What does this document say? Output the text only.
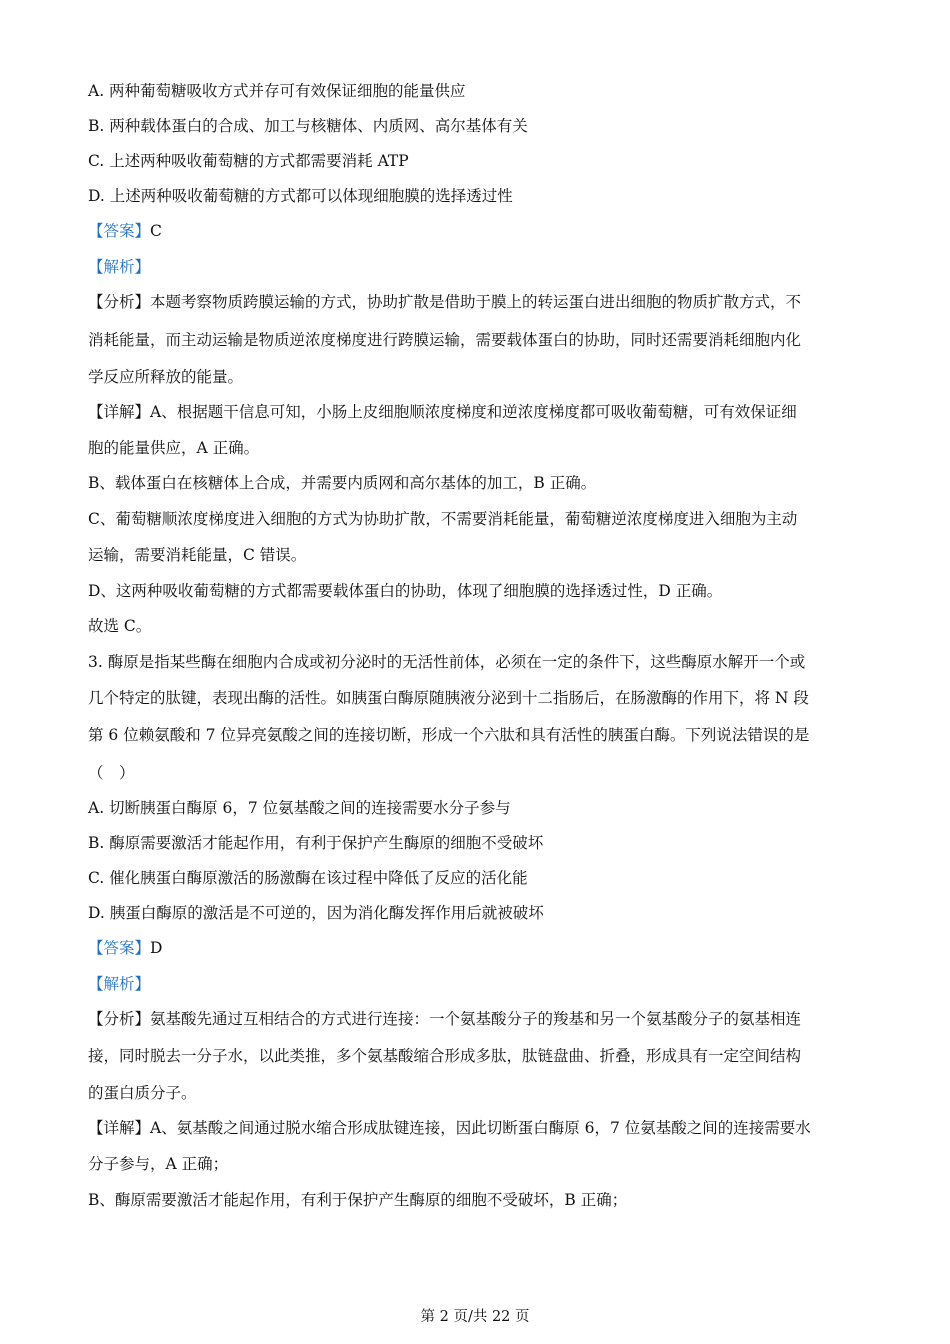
A. 两种葡萄糖吸收方式并存可有效保证细胞的能量供应
B. 两种载体蛋白的合成、加工与核糖体、内质网、高尔基体有关
C. 上述两种吸收葡萄糖的方式都需要消耗 ATP
D. 上述两种吸收葡萄糖的方式都可以体现细胞膜的选择透过性
【答案】C
【解析】
【分析】本题考察物质跨膜运输的方式，协助扩散是借助于膜上的转运蛋白进出细胞的物质扩散方式，不
消耗能量，而主动运输是物质逆浓度梯度进行跨膜运输，需要载体蛋白的协助，同时还需要消耗细胞内化
学反应所释放的能量。
【详解】A、根据题干信息可知，小肠上皮细胞顺浓度梯度和逆浓度梯度都可吸收葡萄糖，可有效保证细
胞的能量供应，A 正确。
B、载体蛋白在核糖体上合成，并需要内质网和高尔基体的加工，B 正确。
C、葡萄糖顺浓度梯度进入细胞的方式为协助扩散，不需要消耗能量，葡萄糖逆浓度梯度进入细胞为主动
运输，需要消耗能量，C 错误。
D、这两种吸收葡萄糖的方式都需要载体蛋白的协助，体现了细胞膜的选择透过性，D 正确。
故选 C。
3. 酶原是指某些酶在细胞内合成或初分泌时的无活性前体，必须在一定的条件下，这些酶原水解开一个或
几个特定的肽键，表现出酶的活性。如胰蛋白酶原随胰液分泌到十二指肠后，在肠激酶的作用下，将 N 段
第 6 位赖氨酸和 7 位异亮氨酸之间的连接切断，形成一个六肽和具有活性的胰蛋白酶。下列说法错误的是
（　）
A. 切断胰蛋白酶原 6，7 位氨基酸之间的连接需要水分子参与
B. 酶原需要激活才能起作用，有利于保护产生酶原的细胞不受破坏
C. 催化胰蛋白酶原激活的肠激酶在该过程中降低了反应的活化能
D. 胰蛋白酶原的激活是不可逆的，因为消化酶发挥作用后就被破坏
【答案】D
【解析】
【分析】氨基酸先通过互相结合的方式进行连接：一个氨基酸分子的羧基和另一个氨基酸分子的氨基相连
接，同时脱去一分子水，以此类推，多个氨基酸缩合形成多肽，肽链盘曲、折叠，形成具有一定空间结构
的蛋白质分子。
【详解】A、氨基酸之间通过脱水缩合形成肽键连接，因此切断蛋白酶原 6，7 位氨基酸之间的连接需要水
分子参与，A 正确；
B、酶原需要激活才能起作用，有利于保护产生酶原的细胞不受破坏，B 正确；
第 2 页/共 22 页
